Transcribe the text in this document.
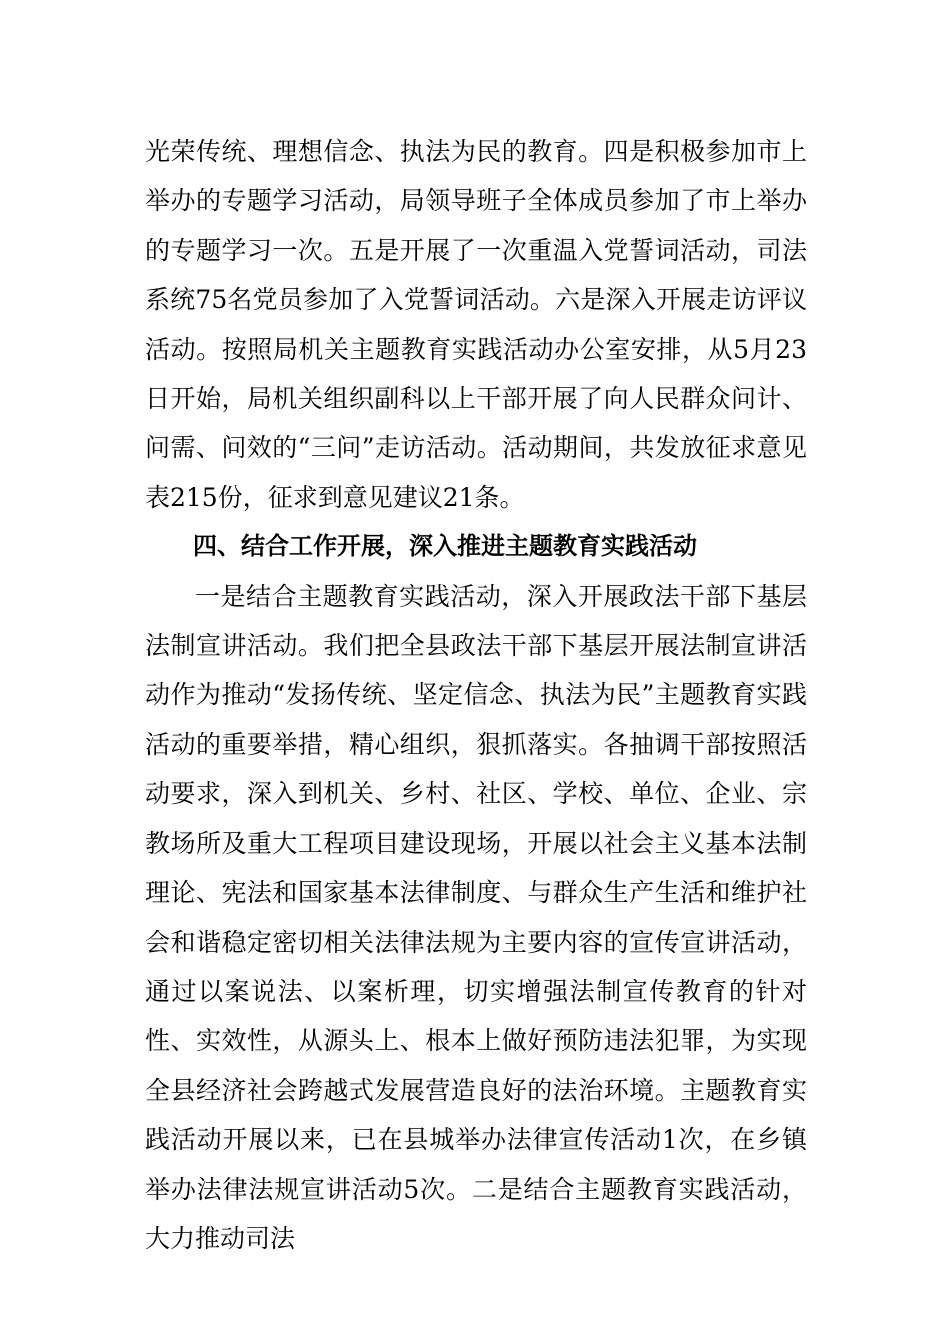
光荣传统、理想信念、执法为民的教育。四是积极参加市上举办的专题学习活动，局领导班子全体成员参加了市上举办的专题学习一次。五是开展了一次重温入党誓词活动，司法系统75名党员参加了入党誓词活动。六是深入开展走访评议活动。按照局机关主题教育实践活动办公室安排，从5月23日开始，局机关组织副科以上干部开展了向人民群众问计、问需、问效的“三问”走访活动。活动期间，共发放征求意见表215份，征求到意见建议21条。

四、结合工作开展，深入推进主题教育实践活动

一是结合主题教育实践活动，深入开展政法干部下基层法制宣讲活动。我们把全县政法干部下基层开展法制宣讲活动作为推动“发扬传统、坚定信念、执法为民”主题教育实践活动的重要举措，精心组织，狠抓落实。各抽调干部按照活动要求，深入到机关、乡村、社区、学校、单位、企业、宗教场所及重大工程项目建设现场，开展以社会主义基本法制理论、宪法和国家基本法律制度、与群众生产生活和维护社会和谐稳定密切相关法律法规为主要内容的宣传宣讲活动，通过以案说法、以案析理，切实增强法制宣传教育的针对性、实效性，从源头上、根本上做好预防违法犯罪，为实现全县经济社会跨越式发展营造良好的法治环境。主题教育实践活动开展以来，已在县城举办法律宣传活动1次，在乡镇举办法律法规宣讲活动5次。二是结合主题教育实践活动，大力推动司法
